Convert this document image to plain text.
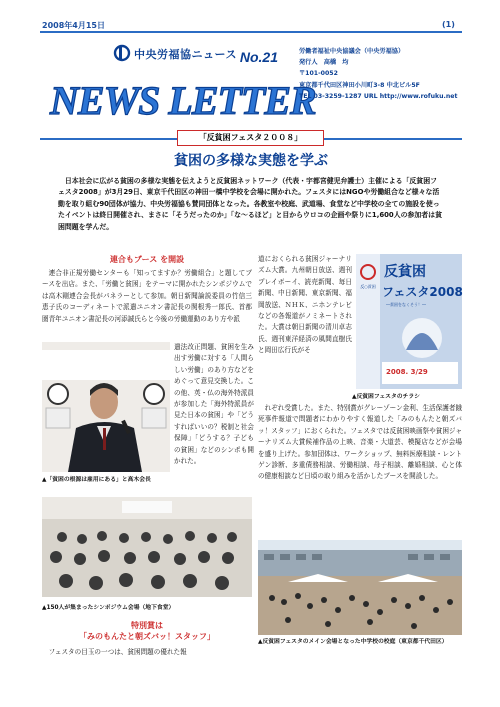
2008年4月15日	(1)
No.21
NEWS LETTER
中央労福協ニュース	労働者福祉中央協議会（中央労福協）
発行人　高橋　均
〒101-0052
東京都千代田区神田小川町3-8 中北ビル5F
TEL 03-3259-1287 URL http://www.rofuku.net
「反貧困フェスタ２００８」
貧困の多様な実態を学ぶ
日本社会に広がる貧困の多様な実態を伝えようと反貧困ネットワーク（代表・宇都宮健児弁護士）主催による「反貧困フェスタ2008」が3月29日、東京千代田区の神田一橋中学校を会場に開かれた。フェスタにはNGOや労働組合など様々な活動を取り組む90団体が協力、中央労福協も賛同団体となった。各教室や校庭、武道場、食堂など中学校の全ての施設を使ったイベントは終日開催され、まさに「そうだったのか」「な〜るほど」と目からウロコの企画や祭りに1,600人の参加者は貧困問題を学んだ。
連合もブース を開設
連合非正規労働センターも「知ってますか？労働組合」と題してブースを出店。また、「労働と貧困」をテーマに開かれたシンポジウムでは高木剛連合会長がパネラーとして参加。朝日新聞論説委員の竹信三恵子氏のコーディネートで派遣ユニオン書記長の関根秀一郎氏、首都圏青年ユニオン書記長の河添誠氏らと今後の労働運動のあり方や派
▲「貧困の根源は雇用にある」と高木会長
遣法改正問題、貧困を生み出す労働に対する「人間らしい労働」のあり方などをめぐって意見交換した。この他、英・仏の海外特派員が参加した「海外特派員が見た日本の貧困」や「どうすればいいの？税制と社会保障」「どうする？子どもの貧困」などのシンポも開かれた。
▲150人が集まったシンポジウム会場（地下食堂）
特別賞は
「みのもんたと朝ズバッ！スタッフ」
フェスタの目玉の一つは、貧困問題の優れた報
道におくられる貧困ジャーナリズム大賞。九州朝日放送、週刊プレイボーイ、読売新聞、毎日新聞、中日新聞、東京新聞、福岡放送、ＮＨＫ、ニホンテレビなどの各報道がノミネートされた。大賞は朝日新聞の清川卓志氏、週刊東洋経済の風間直樹氏と岡田広行氏がそ
反○貧困
反貧困
フェスタ2008
―貧困をなくそう！―
2008. 3/29
▲反貧困フェスタのチラシ
れぞれ受賞した。また、特別賞がグレーゾーン金利、生活保護者餓死事件報道で問題者にわかりやすく報道した「みのもんたと朝ズバッ！スタッフ」におくられた。フェスタでは反貧困映画祭や貧困ジャーナリズム大賞候補作品の上映、音楽・大道芸、模擬店などが会場を盛り上げた。参加団体は、ワークショップ、無料医療相談・レントゲン診断、多重債務相談、労働相談、母子相談、離婚相談、心と体の健康相談など日頃の取り組みを活かしたブースを開設した。
▲反貧困フェスタのメイン会場となった中学校の校庭（東京都千代田区）
